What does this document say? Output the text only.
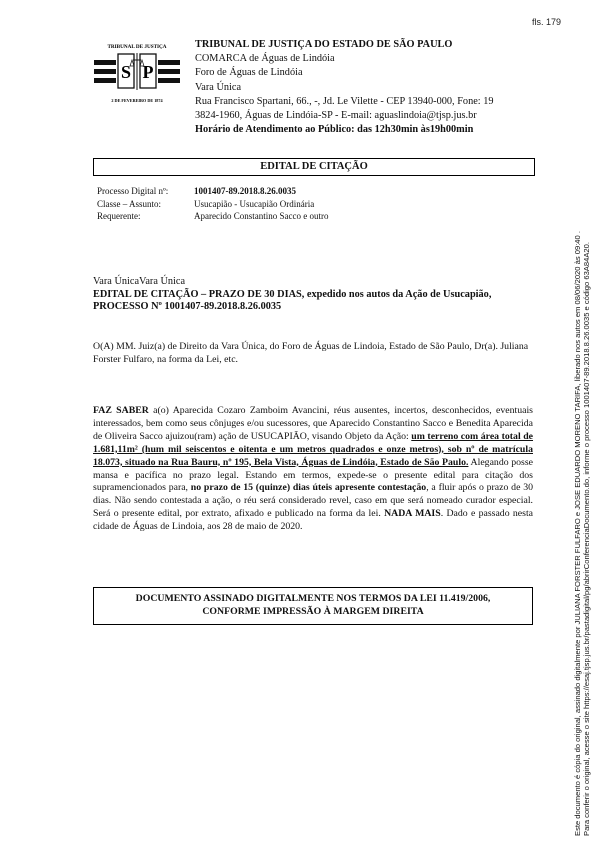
fls. 179
TRIBUNAL DE JUSTIÇA
S P
2 DE FEVEREIRO DE 1874
TRIBUNAL DE JUSTIÇA DO ESTADO DE SÃO PAULO
COMARCA de Águas de Lindóia
Foro de Águas de Lindóia
Vara Única
Rua Francisco Spartani, 66., -, Jd. Le Vilette - CEP 13940-000, Fone: 19
3824-1960, Águas de Lindóia-SP - E-mail: aguaslindoia@tjsp.jus.br
Horário de Atendimento ao Público: das 12h30min às19h00min
EDITAL DE CITAÇÃO
Processo Digital nº:	1001407-89.2018.8.26.0035
Classe – Assunto:	Usucapião - Usucapião Ordinária
Requerente:	Aparecido Constantino Sacco e outro
Vara ÚnicaVara Única
EDITAL DE CITAÇÃO – PRAZO DE 30 DIAS, expedido nos autos da Ação de Usucapião, PROCESSO Nº 1001407-89.2018.8.26.0035
O(A) MM. Juiz(a) de Direito da Vara Única, do Foro de Águas de Lindoia, Estado de São Paulo, Dr(a). Juliana Forster Fulfaro, na forma da Lei, etc.
FAZ SABER a(o) Aparecida Cozaro Zamboim Avancini, réus ausentes, incertos, desconhecidos, eventuais interessados, bem como seus cônjuges e/ou sucessores, que Aparecido Constantino Sacco e Benedita Aparecida de Oliveira Sacco ajuizou(ram) ação de USUCAPIÃO, visando Objeto da Ação: um terreno com área total de 1.681,11m² (hum mil seiscentos e oitenta e um metros quadrados e onze metros), sob nº de matrícula 18.073, situado na Rua Bauru, nº 195, Bela Vista, Águas de Lindóia, Estado de São Paulo. Alegando posse mansa e pacífica no prazo legal. Estando em termos, expede-se o presente edital para citação dos supramencionados para, no prazo de 15 (quinze) dias úteis apresente contestação, a fluir após o prazo de 30 dias. Não sendo contestada a ação, o réu será considerado revel, caso em que será nomeado curador especial. Será o presente edital, por extrato, afixado e publicado na forma da lei. NADA MAIS. Dado e passado nesta cidade de Águas de Lindoia, aos 28 de maio de 2020.
DOCUMENTO ASSINADO DIGITALMENTE NOS TERMOS DA LEI 11.419/2006,
CONFORME IMPRESSÃO À MARGEM DIREITA	Este documento é cópia do original, assinado digitalmente por JULIANA FORSTER FULFARO e JOSE EDUARDO MORENO TARIFA, liberado nos autos em 08/06/2020 às 09:40 . Para conferir o original, acesse o site https://esaj.tjsp.jus.br/pastadigital/pg/abrirConferenciaDocumento.do, informe o processo 1001407-89.2018.8.26.0035 e código 63A84A20.
